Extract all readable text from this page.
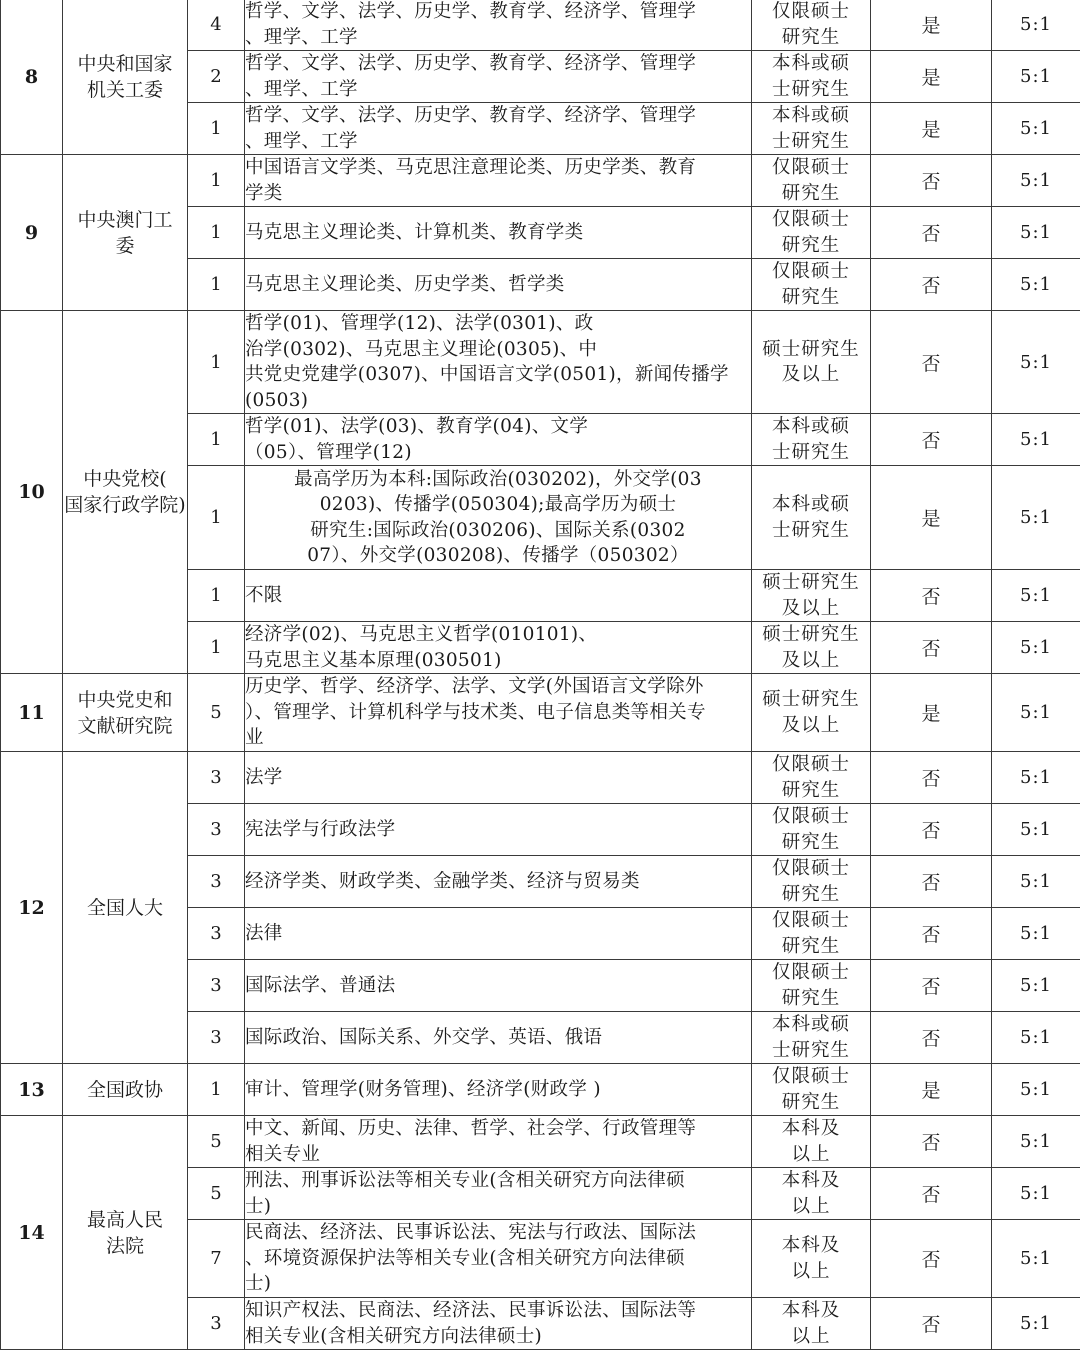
8	中央和国家
机关工委	4	哲学、文学、法学、历史学、教育学、经济学、管理学
、理学、工学	仅限硕士
研究生	是	5:1
		2	哲学、文学、法学、历史学、教育学、经济学、管理学
、理学、工学	本科或硕
士研究生	是	5:1
		1	哲学、文学、法学、历史学、教育学、经济学、管理学
、理学、工学	本科或硕
士研究生	是	5:1
9	中央澳门工
委	1	中国语言文学类、马克思注意理论类、历史学类、教育
学类	仅限硕士
研究生	否	5:1
		1	马克思主义理论类、计算机类、教育学类	仅限硕士
研究生	否	5:1
		1	马克思主义理论类、历史学类、哲学类	仅限硕士
研究生	否	5:1
10	中央党校(
国家行政学院)	1	哲学(01)、管理学(12)、法学(0301)、政
治学(0302)、马克思主义理论(0305)、中
共党史党建学(0307)、中国语言文学(0501)，新闻传播学(0503)	硕士研究生
及以上	否	5:1
		1	哲学(01)、法学(03)、教育学(04)、文学
（05）、管理学(12)	本科或硕
士研究生	否	5:1
		1	最高学历为本科:国际政治(030202)，外交学(03
0203)、传播学(050304);最高学历为硕士
研究生:国际政治(030206)、国际关系(0302
07）、外交学(030208)、传播学（050302）	本科或硕
士研究生	是	5:1
		1	不限	硕士研究生
及以上	否	5:1
		1	经济学(02)、马克思主义哲学(010101)、
马克思主义基本原理(030501)	硕士研究生
及以上	否	5:1
11	中央党史和
文献研究院	5	历史学、哲学、经济学、法学、文学(外国语言文学除外
）、管理学、计算机科学与技术类、电子信息类等相关专
业	硕士研究生
及以上	是	5:1
12	全国人大	3	法学	仅限硕士
研究生	否	5:1
		3	宪法学与行政法学	仅限硕士
研究生	否	5:1
		3	经济学类、财政学类、金融学类、经济与贸易类	仅限硕士
研究生	否	5:1
		3	法律	仅限硕士
研究生	否	5:1
		3	国际法学、普通法	仅限硕士
研究生	否	5:1
		3	国际政治、国际关系、外交学、英语、俄语	本科或硕
士研究生	否	5:1
13	全国政协	1	审计、管理学(财务管理)、经济学(财政学 )	仅限硕士
研究生	是	5:1
14	最高人民
法院	5	中文、新闻、历史、法律、哲学、社会学、行政管理等
相关专业	本科及
以上	否	5:1
		5	刑法、刑事诉讼法等相关专业(含相关研究方向法律硕
士)	本科及
以上	否	5:1
		7	民商法、经济法、民事诉讼法、宪法与行政法、国际法
、环境资源保护法等相关专业(含相关研究方向法律硕
士)	本科及
以上	否	5:1
		3	知识产权法、民商法、经济法、民事诉讼法、国际法等
相关专业(含相关研究方向法律硕士)	本科及
以上	否	5:1
